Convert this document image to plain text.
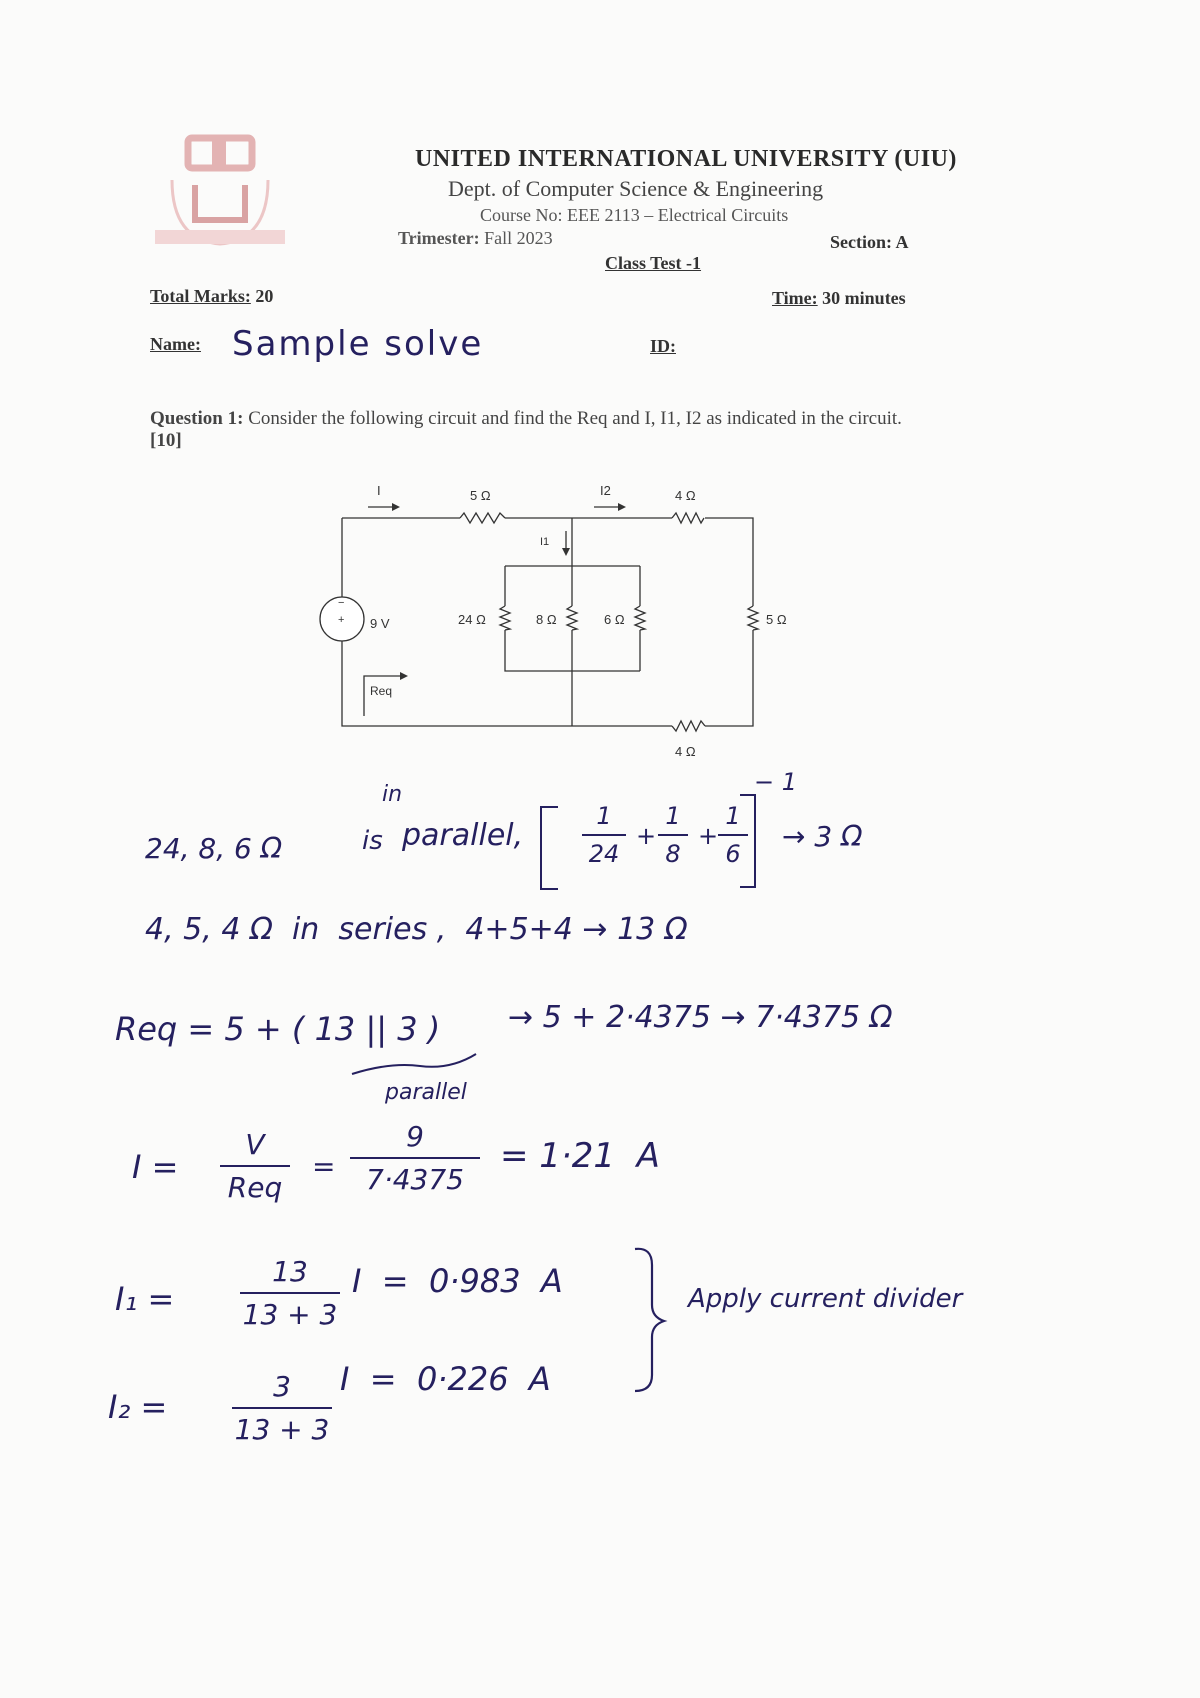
UNITED INTERNATIONAL UNIVERSITY (UIU)
Dept. of Computer Science & Engineering
Course No: EEE 2113 – Electrical Circuits
Trimester: Fall 2023	Section: A
Class Test -1
Total Marks: 20	Time: 30 minutes
Name: Sample solve	ID:
Question 1: Consider the following circuit and find the Req and I, I1, I2 as indicated in the circuit.
[10]
+
−
9 V
5 Ω	4 Ω
24 Ω	8 Ω	6 Ω	5 Ω
4 Ω
I	I2
I1
Req
24, 8, 6 Ω
in
is parallel,
1
24
+
1
8
+
1
6
− 1
→ 3 Ω
4, 5, 4 Ω  in  series ,  4+5+4 → 13 Ω
Req = 5 + ( 13 || 3 ) → 5 + 2·4375 → 7·4375 Ω
parallel
I =
V
Req
=
9
7·4375
= 1·21  A
I₁ =
13
13 + 3
I  =  0·983  A
I₂ =
3
13 + 3
I  =  0·226  A
Apply current divider
